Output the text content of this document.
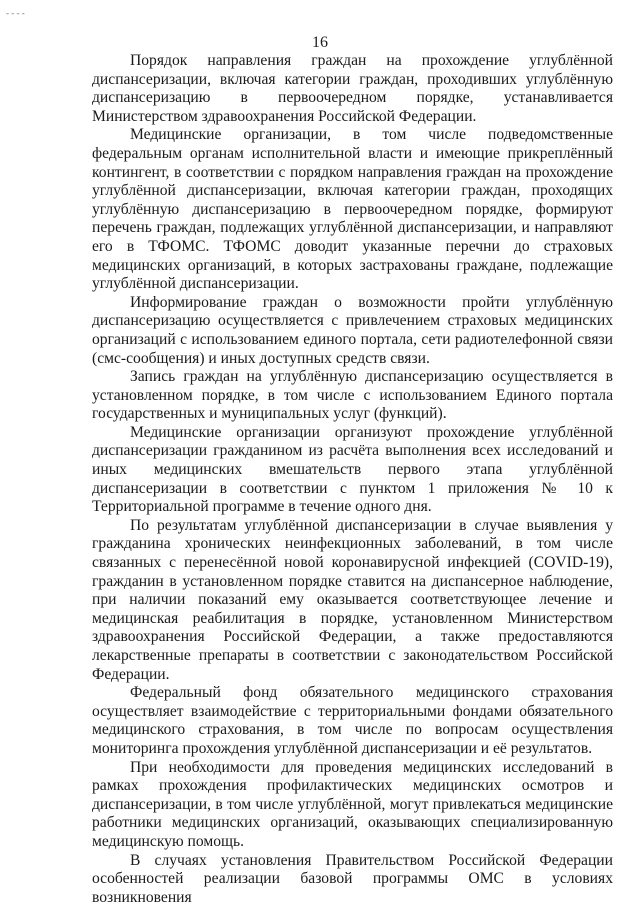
- - - -
16

Порядок направления граждан на прохождение углублённой диспансеризации, включая категории граждан, проходивших углублённую диспансеризацию в первоочередном порядке, устанавливается Министерством здравоохранения Российской Федерации.

Медицинские организации, в том числе подведомственные федеральным органам исполнительной власти и имеющие прикреплённый контингент, в соответствии с порядком направления граждан на прохождение углублённой диспансеризации, включая категории граждан, проходящих углублённую диспансеризацию в первоочередном порядке, формируют перечень граждан, подлежащих углублённой диспансеризации, и направляют его в ТФОМС. ТФОМС доводит указанные перечни до страховых медицинских организаций, в которых застрахованы граждане, подлежащие углублённой диспансеризации.

Информирование граждан о возможности пройти углублённую диспансеризацию осуществляется с привлечением страховых медицинских организаций с использованием единого портала, сети радиотелефонной связи (смс-сообщения) и иных доступных средств связи.

Запись граждан на углублённую диспансеризацию осуществляется в установленном порядке, в том числе с использованием Единого портала государственных и муниципальных услуг (функций).

Медицинские организации организуют прохождение углублённой диспансеризации гражданином из расчёта выполнения всех исследований и иных медицинских вмешательств первого этапа углублённой диспансеризации в соответствии с пунктом 1 приложения № 10 к Территориальной программе в течение одного дня.

По результатам углублённой диспансеризации в случае выявления у гражданина хронических неинфекционных заболеваний, в том числе связанных с перенесённой новой коронавирусной инфекцией (COVID-19), гражданин в установленном порядке ставится на диспансерное наблюдение, при наличии показаний ему оказывается соответствующее лечение и медицинская реабилитация в порядке, установленном Министерством здравоохранения Российской Федерации, а также предоставляются лекарственные препараты в соответствии с законодательством Российской Федерации.

Федеральный фонд обязательного медицинского страхования осуществляет взаимодействие с территориальными фондами обязательного медицинского страхования, в том числе по вопросам осуществления мониторинга прохождения углублённой диспансеризации и её результатов.

При необходимости для проведения медицинских исследований в рамках прохождения профилактических медицинских осмотров и диспансеризации, в том числе углублённой, могут привлекаться медицинские работники медицинских организаций, оказывающих специализированную медицинскую помощь.

В случаях установления Правительством Российской Федерации особенностей реализации базовой программы ОМС в условиях возникновения
